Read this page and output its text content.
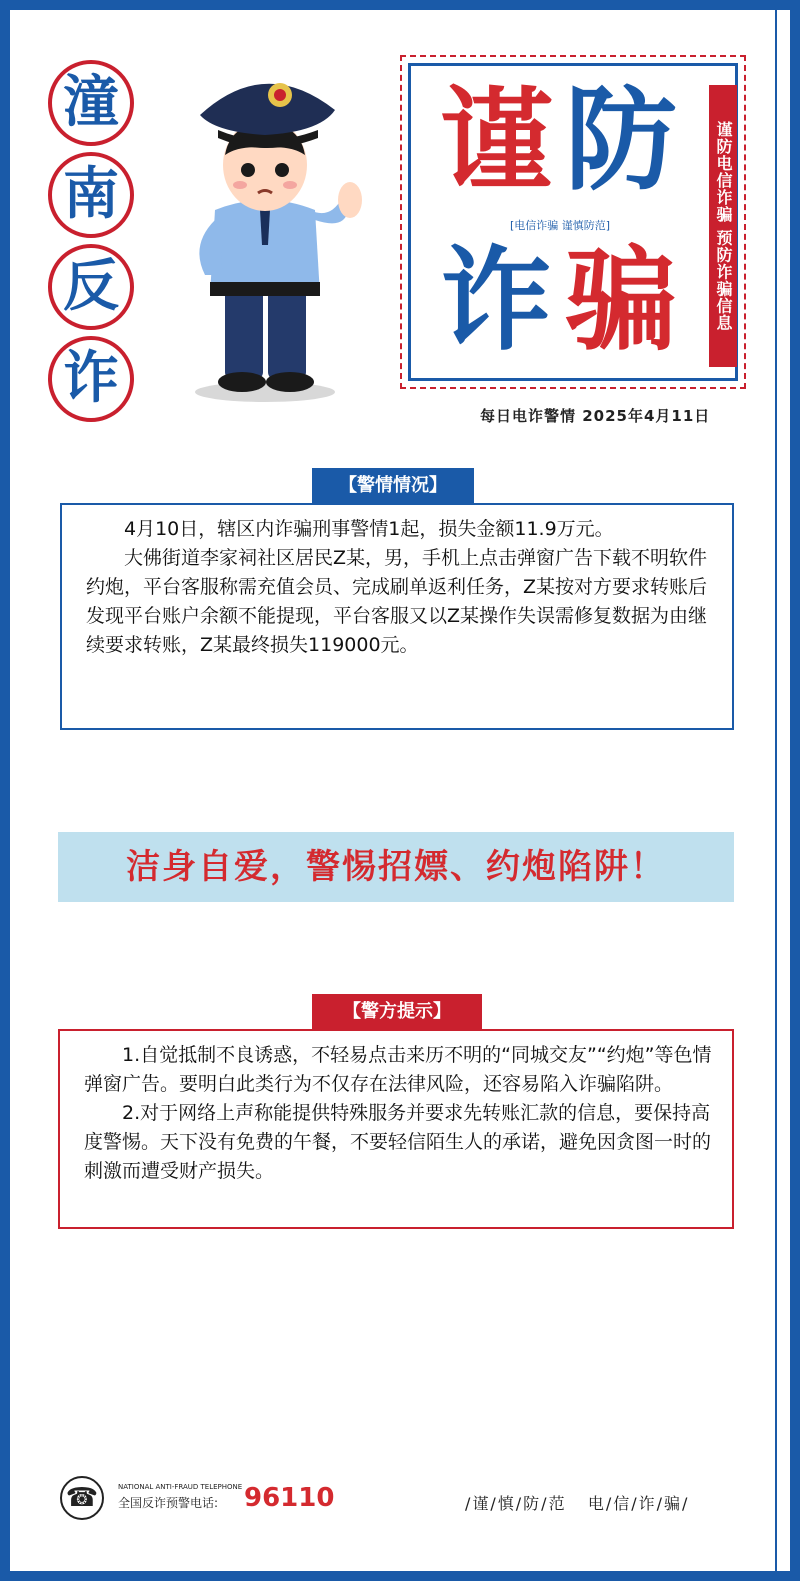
潼
南
反
诈
谨 防
[电信诈骗 谨慎防范]
诈 骗	谨防电信诈骗 预防诈骗信息
每日电诈警情 2025年4月11日
【警情情况】

4月10日，辖区内诈骗刑事警情1起，损失金额11.9万元。

大佛街道李家祠社区居民Z某，男，手机上点击弹窗广告下载不明软件约炮，平台客服称需充值会员、完成刷单返利任务，Z某按对方要求转账后发现平台账户余额不能提现，平台客服又以Z某操作失误需修复数据为由继续要求转账，Z某最终损失119000元。

洁身自爱，警惕招嫖、约炮陷阱！
【警方提示】

1.自觉抵制不良诱惑，不轻易点击来历不明的“同城交友”“约炮”等色情弹窗广告。要明白此类行为不仅存在法律风险，还容易陷入诈骗陷阱。

2.对于网络上声称能提供特殊服务并要求先转账汇款的信息，要保持高度警惕。天下没有免费的午餐，不要轻信陌生人的承诺，避免因贪图一时的刺激而遭受财产损失。

☎	NATIONAL ANTI-FRAUD TELEPHONE
全国反诈预警电话: 96110	/谨/慎/防/范   电/信/诈/骗/
